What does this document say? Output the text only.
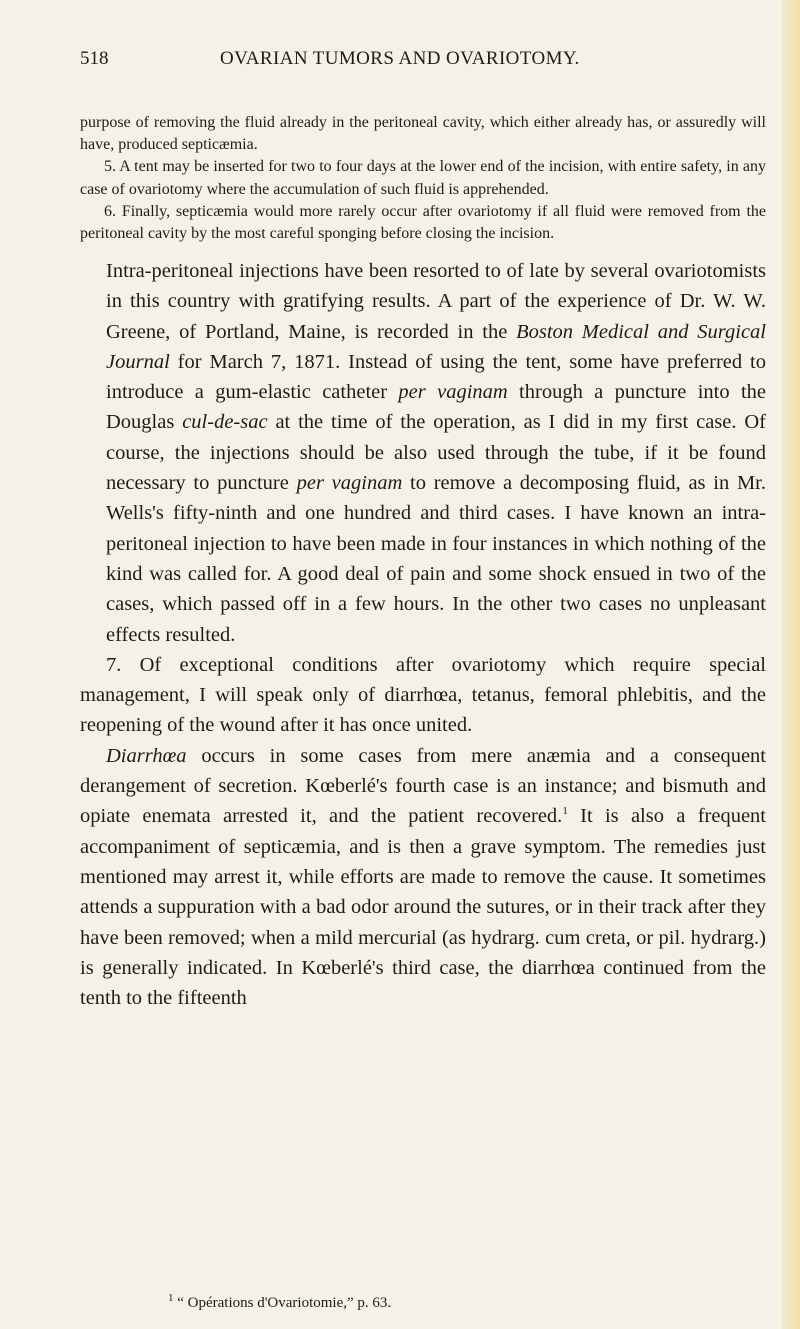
518	OVARIAN TUMORS AND OVARIOTOMY.

purpose of removing the fluid already in the peritoneal cavity, which either already has, or assuredly will have, produced septicæmia.

5. A tent may be inserted for two to four days at the lower end of the incision, with entire safety, in any case of ovariotomy where the accumulation of such fluid is apprehended.

6. Finally, septicæmia would more rarely occur after ovariotomy if all fluid were removed from the peritoneal cavity by the most careful sponging before closing the incision.

Intra-peritoneal injections have been resorted to of late by several ovariotomists in this country with gratifying results. A part of the experience of Dr. W. W. Greene, of Portland, Maine, is recorded in the Boston Medical and Surgical Journal for March 7, 1871. Instead of using the tent, some have preferred to introduce a gum-elastic catheter per vaginam through a puncture into the Douglas cul-de-sac at the time of the operation, as I did in my first case. Of course, the injections should be also used through the tube, if it be found necessary to puncture per vaginam to remove a decomposing fluid, as in Mr. Wells's fifty-ninth and one hundred and third cases. I have known an intra-peritoneal injection to have been made in four instances in which nothing of the kind was called for. A good deal of pain and some shock ensued in two of the cases, which passed off in a few hours. In the other two cases no unpleasant effects resulted.

7. Of exceptional conditions after ovariotomy which require special management, I will speak only of diarrhœa, tetanus, femoral phlebitis, and the reopening of the wound after it has once united.

Diarrhœa occurs in some cases from mere anæmia and a consequent derangement of secretion. Kœberlé's fourth case is an instance; and bismuth and opiate enemata arrested it, and the patient recovered.$^1$ It is also a frequent accompaniment of septicæmia, and is then a grave symptom. The remedies just mentioned may arrest it, while efforts are made to remove the cause. It sometimes attends a suppuration with a bad odor around the sutures, or in their track after they have been removed; when a mild mercurial (as hydrarg. cum creta, or pil. hydrarg.) is generally indicated. In Kœberlé's third case, the diarrhœa continued from the tenth to the fifteenth

$^1$ “ Opérations d'Ovariotomie,” p. 63.
